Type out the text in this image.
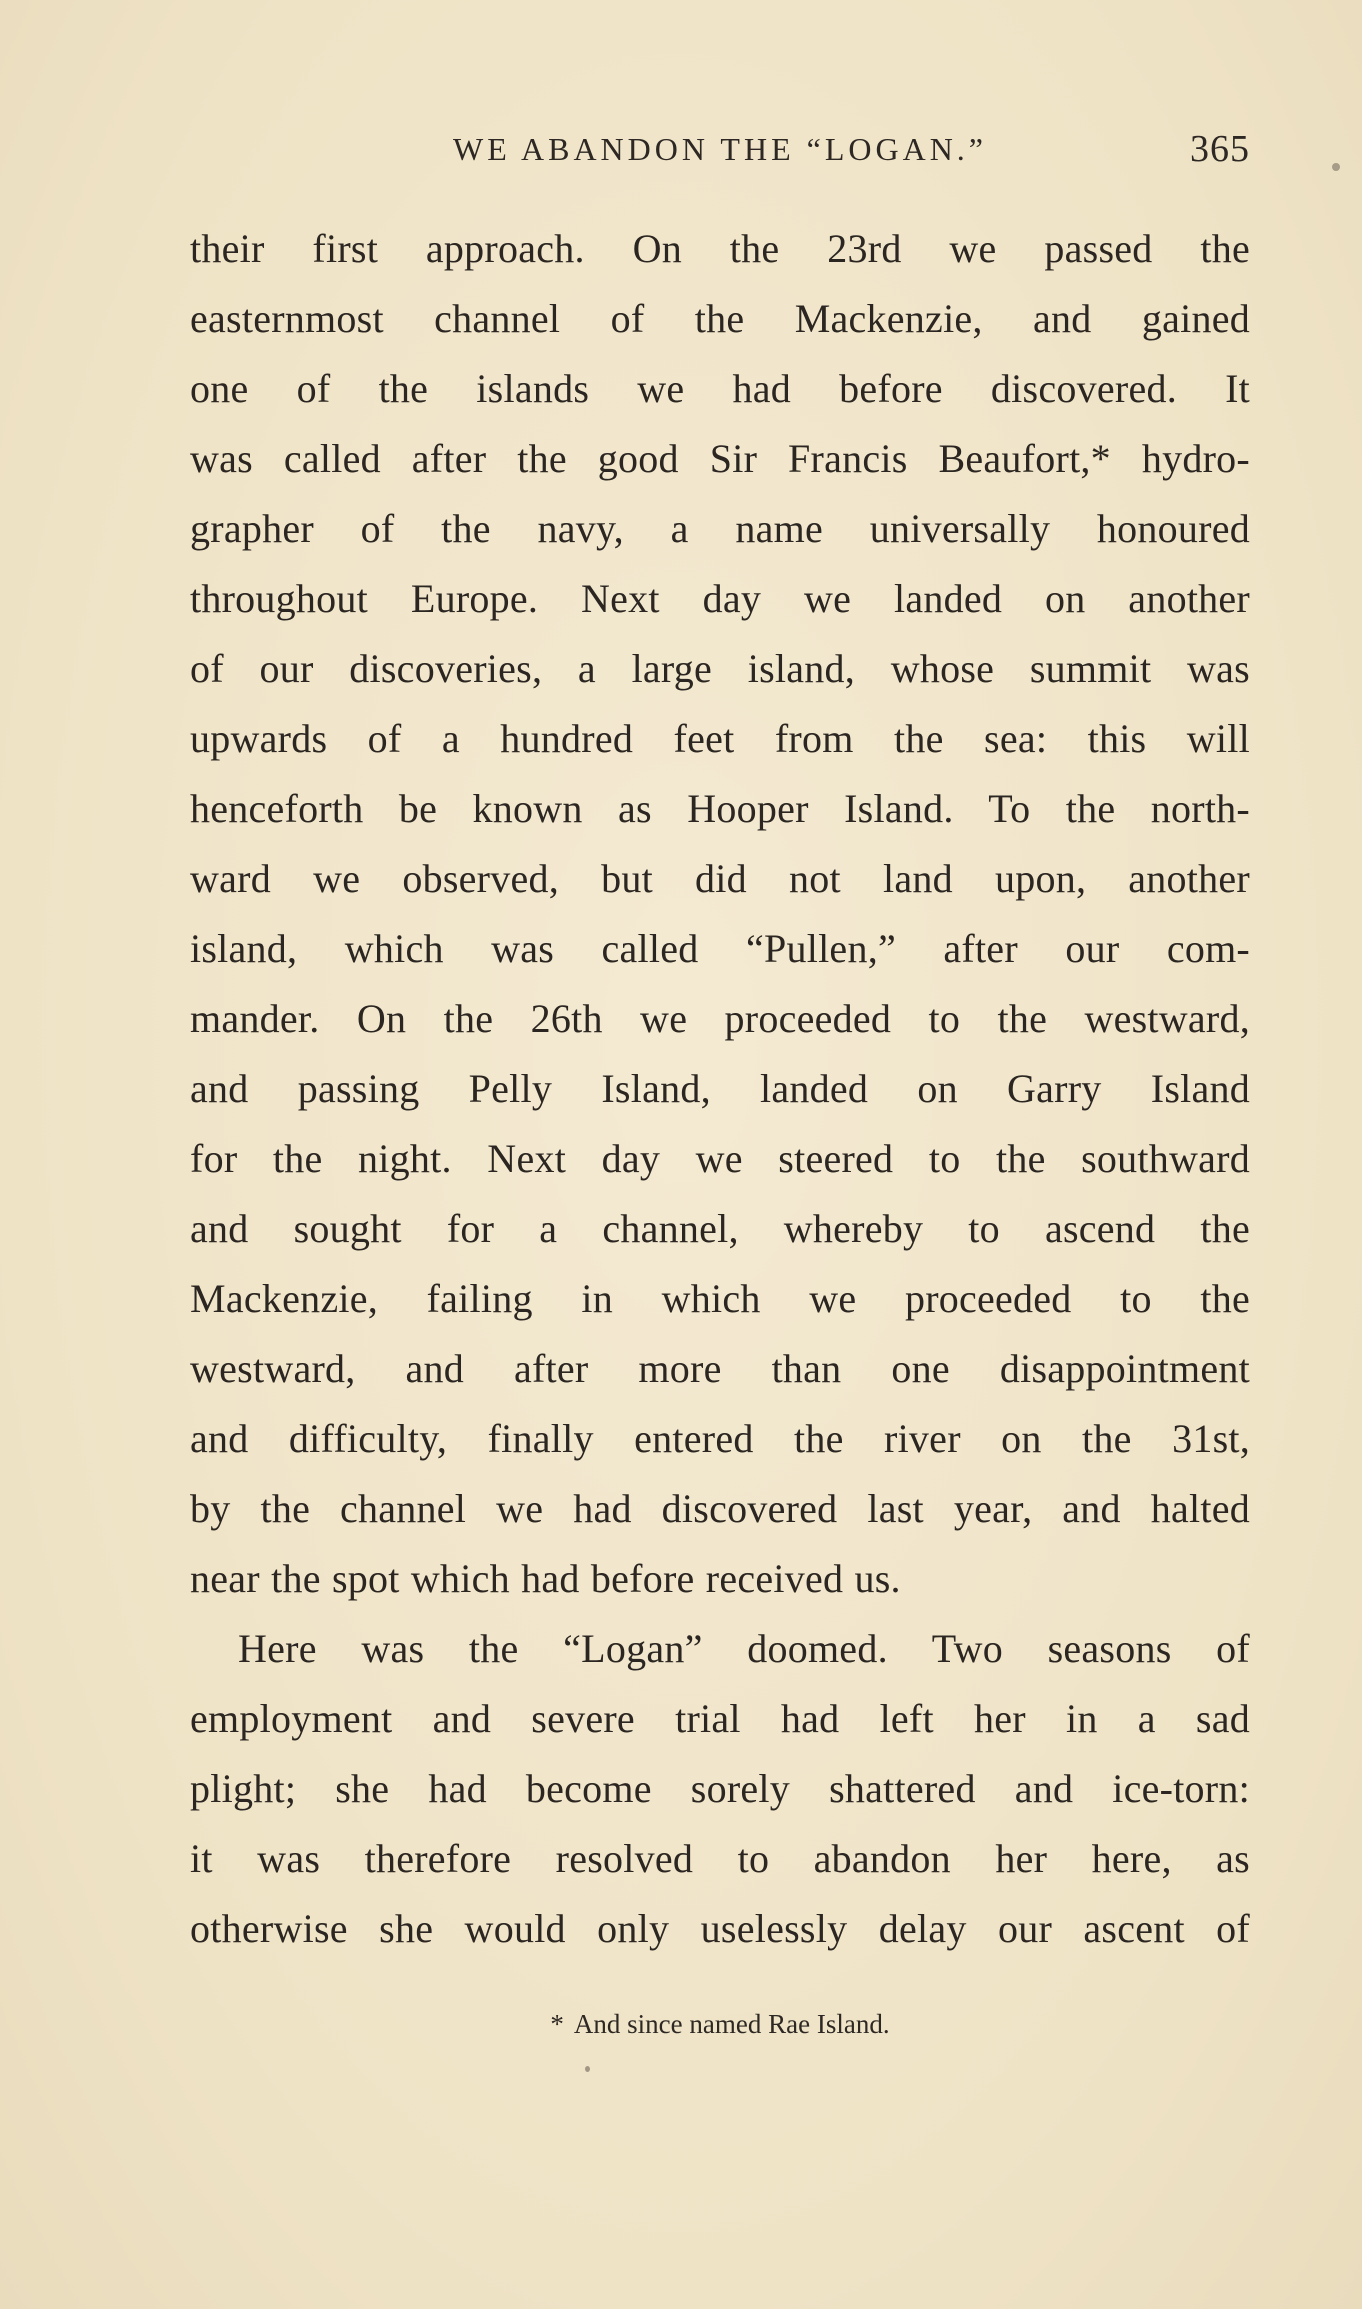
WE ABANDON THE “LOGAN.”	365
their first approach. On the 23rd we passed the
easternmost channel of the Mackenzie, and gained
one of the islands we had before discovered. It
was called after the good Sir Francis Beaufort,* hydro-
grapher of the navy, a name universally honoured
throughout Europe. Next day we landed on another
of our discoveries, a large island, whose summit was
upwards of a hundred feet from the sea: this will
henceforth be known as Hooper Island. To the north-
ward we observed, but did not land upon, another
island, which was called “Pullen,” after our com-
mander. On the 26th we proceeded to the westward,
and passing Pelly Island, landed on Garry Island
for the night. Next day we steered to the southward
and sought for a channel, whereby to ascend the
Mackenzie, failing in which we proceeded to the
westward, and after more than one disappointment
and difficulty, finally entered the river on the 31st,
by the channel we had discovered last year, and halted
near the spot which had before received us.
Here was the “Logan” doomed. Two seasons of
employment and severe trial had left her in a sad
plight; she had become sorely shattered and ice-torn:
it was therefore resolved to abandon her here, as
otherwise she would only uselessly delay our ascent of
* And since named Rae Island.
